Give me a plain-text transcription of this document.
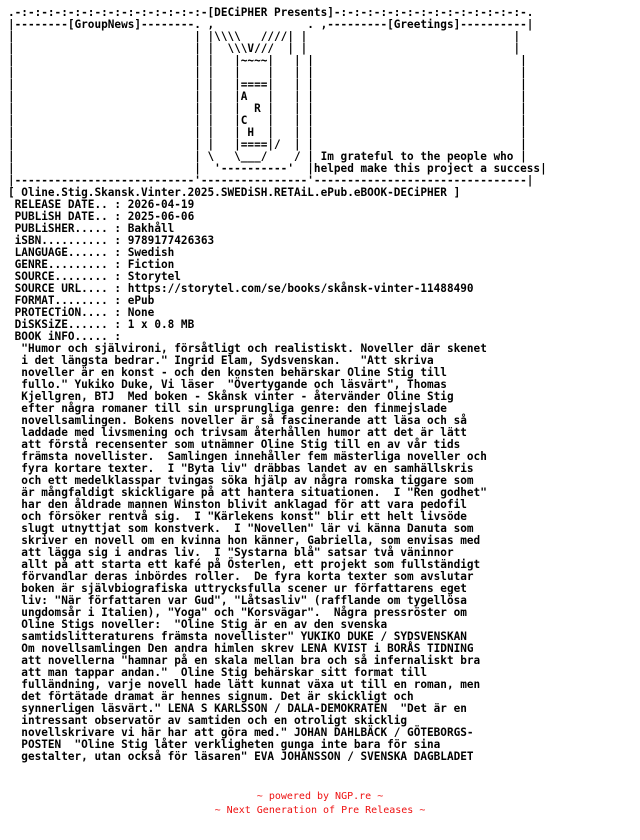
.-:-:-:-:-:-:-:-:-:-:-:-:-:-:-[DECiPHER Presents]-:-:-:-:-:-:-:-:-:-:-:-:-:-:-.
|--------[GroupNews]--------. ,              . ,---------[Greetings]----------|
|                           | |\\\\   ////| |                               |
|                           | |  \\\V///  | |                               |
|                           | |   |~~~~|   | |                               |
|                           | |   |    |   | |                               |
|                           | |   |====|   | |                               |
|                           | |   |A   |   | |                               |
|                           | |   |  R |   | |                               |
|                           | |   |C   |   | |                               |
|                           | |   | H  |   | |                               |
|                           | |   |====|/  | |                               |
|                           | \   \___/    / | Im grateful to the people who |
|                           |  '----------'  |helped make this project a success|
|---------------------------'----------------'--------------------------------|
[ Oline.Stig.Skansk.Vinter.2025.SWEDiSH.RETAiL.ePub.eBOOK-DECiPHER ]
RELEASE DATE.. : 2026-04-19
PUBLiSH DATE.. : 2025-06-06
PUBLiSHER..... : Bakhåll
iSBN.......... : 9789177426363
LANGUAGE...... : Swedish
GENRE......... : Fiction
SOURCE........ : Storytel
SOURCE URL.... : https://storytel.com/se/books/skånsk-vinter-11488490
FORMAT........ : ePub
PROTECTiON.... : None
DiSKSiZE...... : 1 x 0.8 MB
BOOK iNFO..... :
"Humor och självironi, försåtligt och realistiskt. Noveller där skenet
i det längsta bedrar." Ingrid Elam, Sydsvenskan.   "Att skriva
noveller är en konst - och den konsten behärskar Oline Stig till
fullo." Yukiko Duke, Vi läser  "Övertygande och läsvärt", Thomas
Kjellgren, BTJ  Med boken - Skånsk vinter - återvänder Oline Stig
efter några romaner till sin ursprungliga genre: den finmejslade
novellsamlingen. Bokens noveller är så fascinerande att läsa och så
laddade med livsmening och trivsam återhållen humor att det är lätt
att förstå recensenter som utnämner Oline Stig till en av vår tids
främsta novellister.  Samlingen innehåller fem mästerliga noveller och
fyra kortare texter.  I "Byta liv" dräbbas landet av en samhällskris
och ett medelklasspar tvingas söka hjälp av några romska tiggare som
är mångfaldigt skickligare på att hantera situationen.  I "Ren godhet"
har den åldrade mannen Winston blivit anklagad för att vara pedofil
och försöker rentvå sig.  I "Kärlekens konst" blir ett helt livsöde
slugt utnyttjat som konstverk.  I "Novellen" lär vi känna Danuta som
skriver en novell om en kvinna hon känner, Gabriella, som envisas med
att lägga sig i andras liv.  I "Systarna blå" satsar två väninnor
allt på att starta ett kafé på Österlen, ett projekt som fullständigt
förvandlar deras inbördes roller.  De fyra korta texter som avslutar
boken är självbiografiska uttrycksfulla scener ur författarens eget
liv: "När författaren var Gud", "Låtsasliv" (rafflande om tygellösa
ungdomsår i Italien), "Yoga" och "Korsvägar".  Några pressröster om
Oline Stigs noveller:  "Oline Stig är en av den svenska
samtidslitteraturens främsta novellister" YUKIKO DUKE / SYDSVENSKAN
Om novellsamlingen Den andra himlen skrev LENA KVIST i BORÅS TIDNING
att novellerna "hamnar på en skala mellan bra och så infernaliskt bra
att man tappar andan."  Oline Stig behärskar sitt format till
fulländning, varje novell hade lätt kunnat växa ut till en roman, men
det förtätade dramat är hennes signum. Det är skickligt och
synnerligen läsvärt." LENA S KARLSSON / DALA-DEMOKRATEN  "Det är en
intressant observatör av samtiden och en otroligt skicklig
novellskrivare vi här har att göra med." JOHAN DAHLBÄCK / GÖTEBORGS-
POSTEN  "Oline Stig låter verkligheten gunga inte bara för sina
gestalter, utan också för läsaren" EVA JOHANSSON / SVENSKA DAGBLADET
~ powered by NGP.re ~
~ Next Generation of Pre Releases ~
